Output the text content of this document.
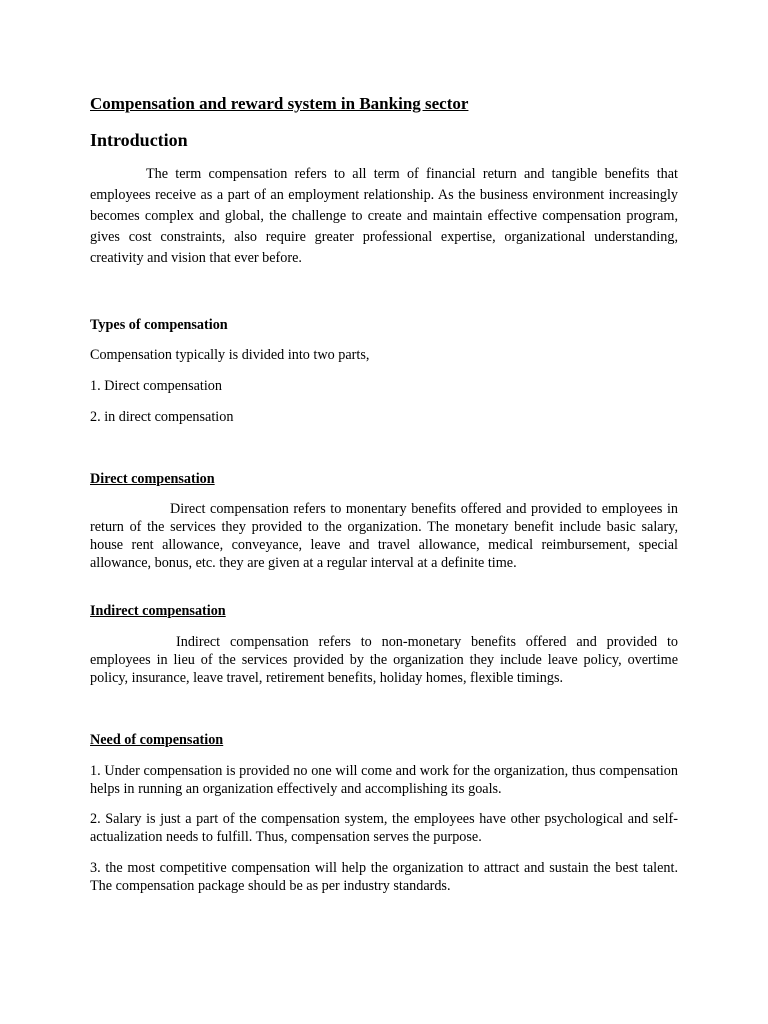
Compensation and reward system in Banking sector
Introduction

The term compensation refers to all term of financial return and tangible benefits that employees receive as a part of an employment relationship. As the business environment increasingly becomes complex and global, the challenge to create and maintain effective compensation program, gives cost constraints, also require greater professional expertise, organizational understanding, creativity and vision that ever before.

Types of compensation
Compensation typically is divided into two parts,
1. Direct compensation
2. in direct compensation
Direct compensation

Direct compensation refers to monentary benefits offered and provided to employees in return of the services they provided to the organization. The monetary benefit include basic salary, house rent allowance, conveyance, leave and travel allowance, medical reimbursement, special allowance, bonus, etc. they are given at a regular interval at a definite time.

Indirect compensation

Indirect compensation refers to non-monetary benefits offered and provided to employees in lieu of the services provided by the organization they include leave policy, overtime policy, insurance, leave travel, retirement benefits, holiday homes, flexible timings.

Need of compensation

1. Under compensation is provided no one will come and work for the organization, thus compensation helps in running an organization effectively and accomplishing its goals.

2. Salary is just a part of the compensation system, the employees have other psychological and self-actualization needs to fulfill. Thus, compensation serves the purpose.

3. the most competitive compensation will help the organization to attract and sustain the best talent. The compensation package should be as per industry standards.
